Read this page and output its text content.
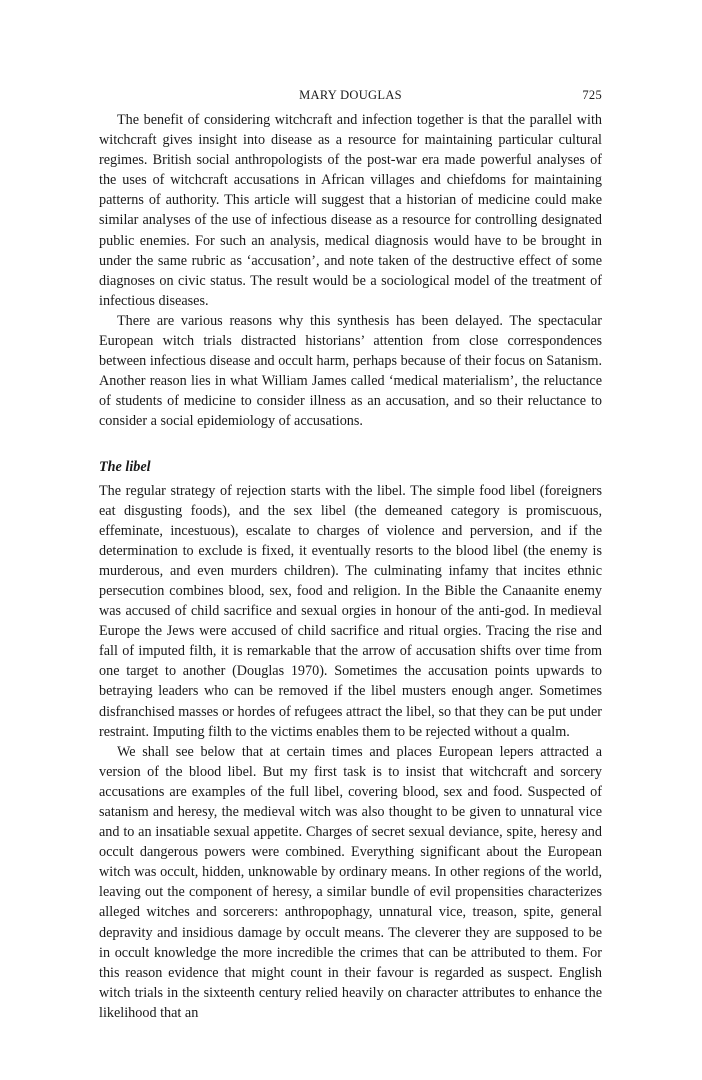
MARY DOUGLAS	725

The benefit of considering witchcraft and infection together is that the parallel with witchcraft gives insight into disease as a resource for maintaining particular cultural regimes. British social anthropologists of the post-war era made powerful analyses of the uses of witchcraft accusations in African villages and chiefdoms for maintaining patterns of authority. This article will suggest that a historian of medicine could make similar analyses of the use of infectious disease as a resource for controlling designated public enemies. For such an analysis, medical diagnosis would have to be brought in under the same rubric as ‘accusation’, and note taken of the destructive effect of some diagnoses on civic status. The result would be a sociological model of the treatment of infectious diseases.

There are various reasons why this synthesis has been delayed. The spectacular European witch trials distracted historians’ attention from close correspondences between infectious disease and occult harm, perhaps because of their focus on Satanism. Another reason lies in what William James called ‘medical materialism’, the reluctance of students of medicine to consider illness as an accusation, and so their reluctance to consider a social epidemiology of accusations.

The libel

The regular strategy of rejection starts with the libel. The simple food libel (foreigners eat disgusting foods), and the sex libel (the demeaned category is promiscuous, effeminate, incestuous), escalate to charges of violence and perversion, and if the determination to exclude is fixed, it eventually resorts to the blood libel (the enemy is murderous, and even murders children). The culminating infamy that incites ethnic persecution combines blood, sex, food and religion. In the Bible the Canaanite enemy was accused of child sacrifice and sexual orgies in honour of the anti-god. In medieval Europe the Jews were accused of child sacrifice and ritual orgies. Tracing the rise and fall of imputed filth, it is remarkable that the arrow of accusation shifts over time from one target to another (Douglas 1970). Sometimes the accusation points upwards to betraying leaders who can be removed if the libel musters enough anger. Sometimes disfranchised masses or hordes of refugees attract the libel, so that they can be put under restraint. Imputing filth to the victims enables them to be rejected without a qualm.

We shall see below that at certain times and places European lepers attracted a version of the blood libel. But my first task is to insist that witchcraft and sorcery accusations are examples of the full libel, covering blood, sex and food. Suspected of satanism and heresy, the medieval witch was also thought to be given to unnatural vice and to an insatiable sexual appetite. Charges of secret sexual deviance, spite, heresy and occult dangerous powers were combined. Everything significant about the European witch was occult, hidden, unknowable by ordinary means. In other regions of the world, leaving out the component of heresy, a similar bundle of evil propensities characterizes alleged witches and sorcerers: anthropophagy, unnatural vice, treason, spite, general depravity and insidious damage by occult means. The cleverer they are supposed to be in occult knowledge the more incredible the crimes that can be attributed to them. For this reason evidence that might count in their favour is regarded as suspect. English witch trials in the sixteenth century relied heavily on character attributes to enhance the likelihood that an
